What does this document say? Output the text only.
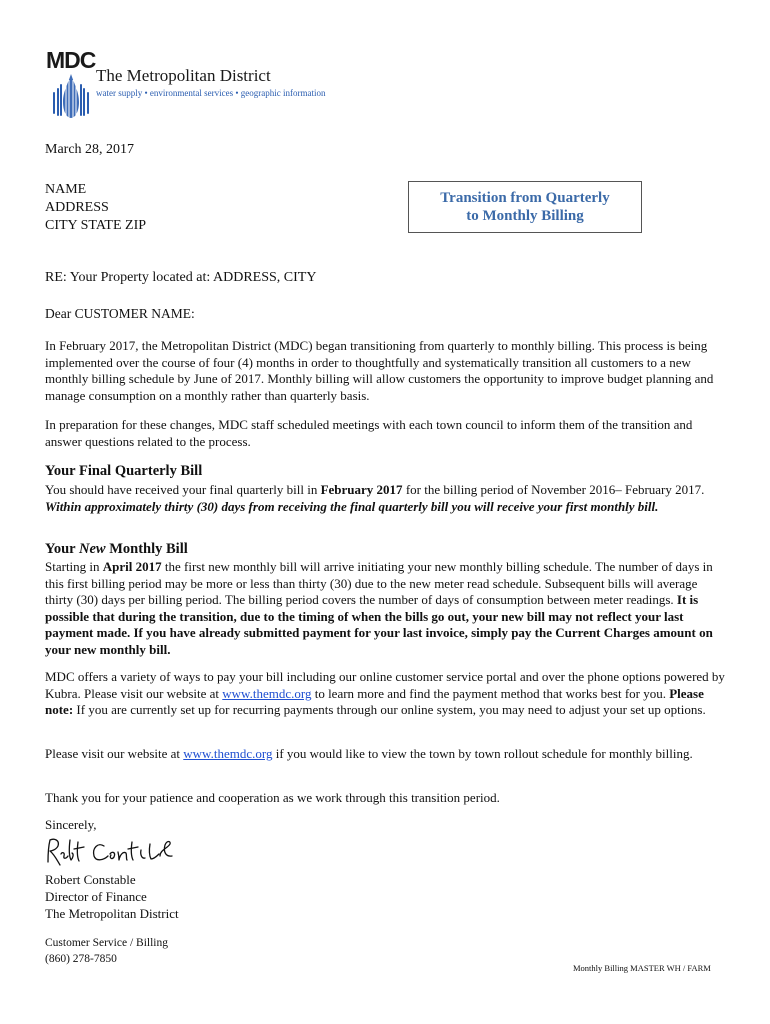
MDC
The Metropolitan District
water supply • environmental services • geographic information
March 28, 2017
NAME
ADDRESS
CITY STATE ZIP
Transition from Quarterly
to Monthly Billing
RE: Your Property located at: ADDRESS, CITY
Dear CUSTOMER NAME:

In February 2017, the Metropolitan District (MDC) began transitioning from quarterly to monthly billing. This process is being implemented over the course of four (4) months in order to thoughtfully and systematically transition all customers to a new monthly billing schedule by June of 2017. Monthly billing will allow customers the opportunity to improve budget planning and manage consumption on a monthly rather than quarterly basis.

In preparation for these changes, MDC staff scheduled meetings with each town council to inform them of the transition and answer questions related to the process.

Your Final Quarterly Bill

You should have received your final quarterly bill in February 2017 for the billing period of November 2016– February 2017. Within approximately thirty (30) days from receiving the final quarterly bill you will receive your first monthly bill.

Your New Monthly Bill

Starting in April 2017 the first new monthly bill will arrive initiating your new monthly billing schedule. The number of days in this first billing period may be more or less than thirty (30) due to the new meter read schedule. Subsequent bills will average thirty (30) days per billing period. The billing period covers the number of days of consumption between meter readings. It is possible that during the transition, due to the timing of when the bills go out, your new bill may not reflect your last payment made. If you have already submitted payment for your last invoice, simply pay the Current Charges amount on your new monthly bill.

MDC offers a variety of ways to pay your bill including our online customer service portal and over the phone options powered by Kubra. Please visit our website at www.themdc.org to learn more and find the payment method that works best for you. Please note: If you are currently set up for recurring payments through our online system, you may need to adjust your set up options.

Please visit our website at www.themdc.org if you would like to view the town by town rollout schedule for monthly billing.

Thank you for your patience and cooperation as we work through this transition period.

Sincerely,
Robert Constable
Director of Finance
The Metropolitan District
Customer Service / Billing
(860) 278-7850
Monthly Billing MASTER WH / FARM
